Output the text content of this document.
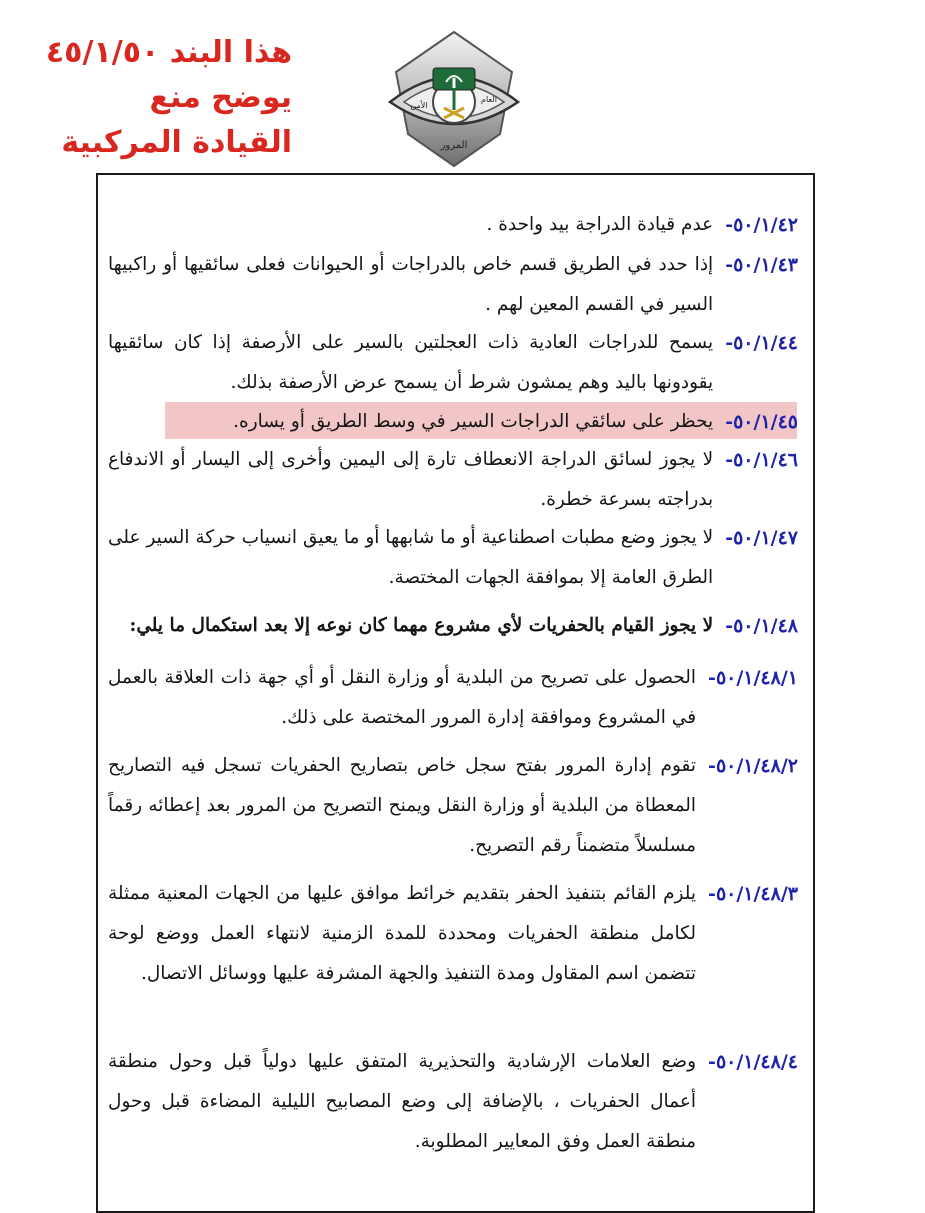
هذا البند ٤٥/١/٥٠
يوضح منع
القيادة المركبية
الأمن
العام
المرور
٥٠/١/٤٢-
عدم قيادة الدراجة بيد واحدة .
٥٠/١/٤٣-
إذا حدد في الطريق قسم خاص بالدراجات أو الحيوانات فعلى سائقيها أو راكبيها السير في القسم المعين لهم .
٥٠/١/٤٤-
يسمح للدراجات العادية ذات العجلتين بالسير على الأرصفة إذا كان سائقيها يقودونها باليد وهم يمشون شرط أن يسمح عرض الأرصفة بذلك.
٥٠/١/٤٥-
يحظر على سائقي الدراجات السير في وسط الطريق أو يساره.
٥٠/١/٤٦-
لا يجوز لسائق الدراجة الانعطاف تارة إلى اليمين وأخرى إلى اليسار أو الاندفاع بدراجته بسرعة خطرة.
٥٠/١/٤٧-
لا يجوز وضع مطبات اصطناعية أو ما شابهها أو ما يعيق انسياب حركة السير على الطرق العامة إلا بموافقة الجهات المختصة.
٥٠/١/٤٨-
لا يجوز القيام بالحفريات لأي مشروع مهما كان نوعه إلا بعد استكمال ما يلي:
٥٠/١/٤٨/١-
الحصول على تصريح من البلدية أو وزارة النقل أو أي جهة ذات العلاقة بالعمل في المشروع وموافقة إدارة المرور المختصة على ذلك.
٥٠/١/٤٨/٢-
تقوم إدارة المرور بفتح سجل خاص بتصاريح الحفريات تسجل فيه التصاريح المعطاة من البلدية أو وزارة النقل ويمنح التصريح من المرور بعد إعطائه رقماً مسلسلاً متضمناً رقم التصريح.
٥٠/١/٤٨/٣-
يلزم القائم بتنفيذ الحفر بتقديم خرائط موافق عليها من الجهات المعنية ممثلة لكامل منطقة الحفريات ومحددة للمدة الزمنية لانتهاء العمل ووضع لوحة تتضمن اسم المقاول ومدة التنفيذ والجهة المشرفة عليها ووسائل الاتصال.
٥٠/١/٤٨/٤-
وضع العلامات الإرشادية والتحذيرية المتفق عليها دولياً قبل وحول منطقة أعمال الحفريات ، بالإضافة إلى وضع المصابيح الليلية المضاءة قبل وحول منطقة العمل وفق المعايير المطلوبة.
